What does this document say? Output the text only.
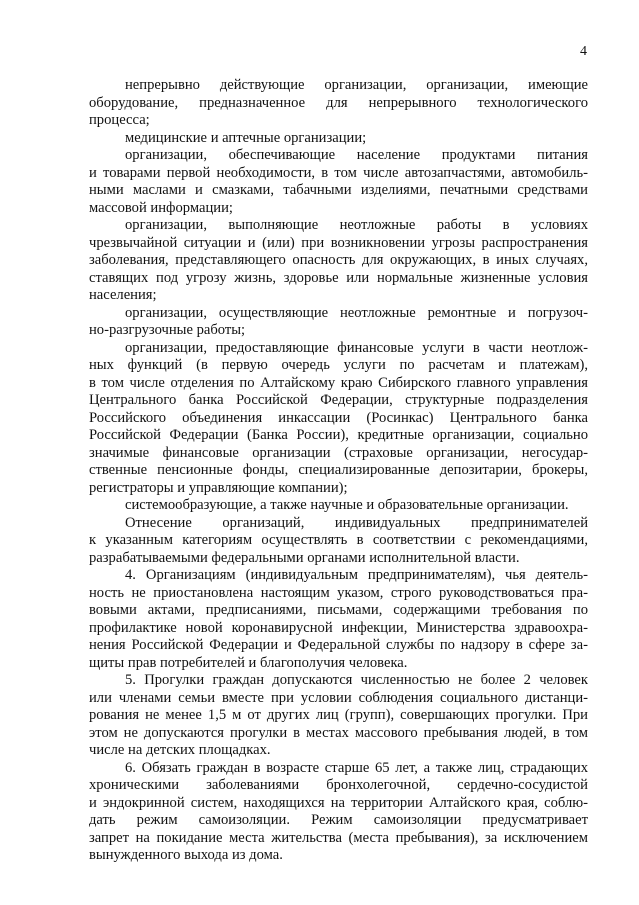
4
непрерывно действующие организации, организации, имеющие
оборудование, предназначенное для непрерывного технологического
процесса;
медицинские и аптечные организации;
организации, обеспечивающие население продуктами питания
и товарами первой необходимости, в том числе автозапчастями, автомобиль-
ными маслами и смазками, табачными изделиями, печатными средствами
массовой информации;
организации, выполняющие неотложные работы в условиях
чрезвычайной ситуации и (или) при возникновении угрозы распространения
заболевания, представляющего опасность для окружающих, в иных случаях,
ставящих под угрозу жизнь, здоровье или нормальные жизненные условия
населения;
организации, осуществляющие неотложные ремонтные и погрузоч-
но-разгрузочные работы;
организации, предоставляющие финансовые услуги в части неотлож-
ных функций (в первую очередь услуги по расчетам и платежам),
в том числе отделения по Алтайскому краю Сибирского главного управления
Центрального банка Российской Федерации, структурные подразделения
Российского объединения инкассации (Росинкас) Центрального банка
Российской Федерации (Банка России), кредитные организации, социально
значимые финансовые организации (страховые организации, негосудар-
ственные пенсионные фонды, специализированные депозитарии, брокеры,
регистраторы и управляющие компании);
системообразующие, а также научные и образовательные организации.
Отнесение организаций, индивидуальных предпринимателей
к указанным категориям осуществлять в соответствии с рекомендациями,
разрабатываемыми федеральными органами исполнительной власти.
4. Организациям (индивидуальным предпринимателям), чья деятель-
ность не приостановлена настоящим указом, строго руководствоваться пра-
вовыми актами, предписаниями, письмами, содержащими требования по
профилактике новой коронавирусной инфекции, Министерства здравоохра-
нения Российской Федерации и Федеральной службы по надзору в сфере за-
щиты прав потребителей и благополучия человека.
5. Прогулки граждан допускаются численностью не более 2 человек
или членами семьи вместе при условии соблюдения социального дистанци-
рования не менее 1,5 м от других лиц (групп), совершающих прогулки. При
этом не допускаются прогулки в местах массового пребывания людей, в том
числе на детских площадках.
6. Обязать граждан в возрасте старше 65 лет, а также лиц, страдающих
хроническими заболеваниями бронхолегочной, сердечно-сосудистой
и эндокринной систем, находящихся на территории Алтайского края, соблю-
дать режим самоизоляции. Режим самоизоляции предусматривает
запрет на покидание места жительства (места пребывания), за исключением
вынужденного выхода из дома.
